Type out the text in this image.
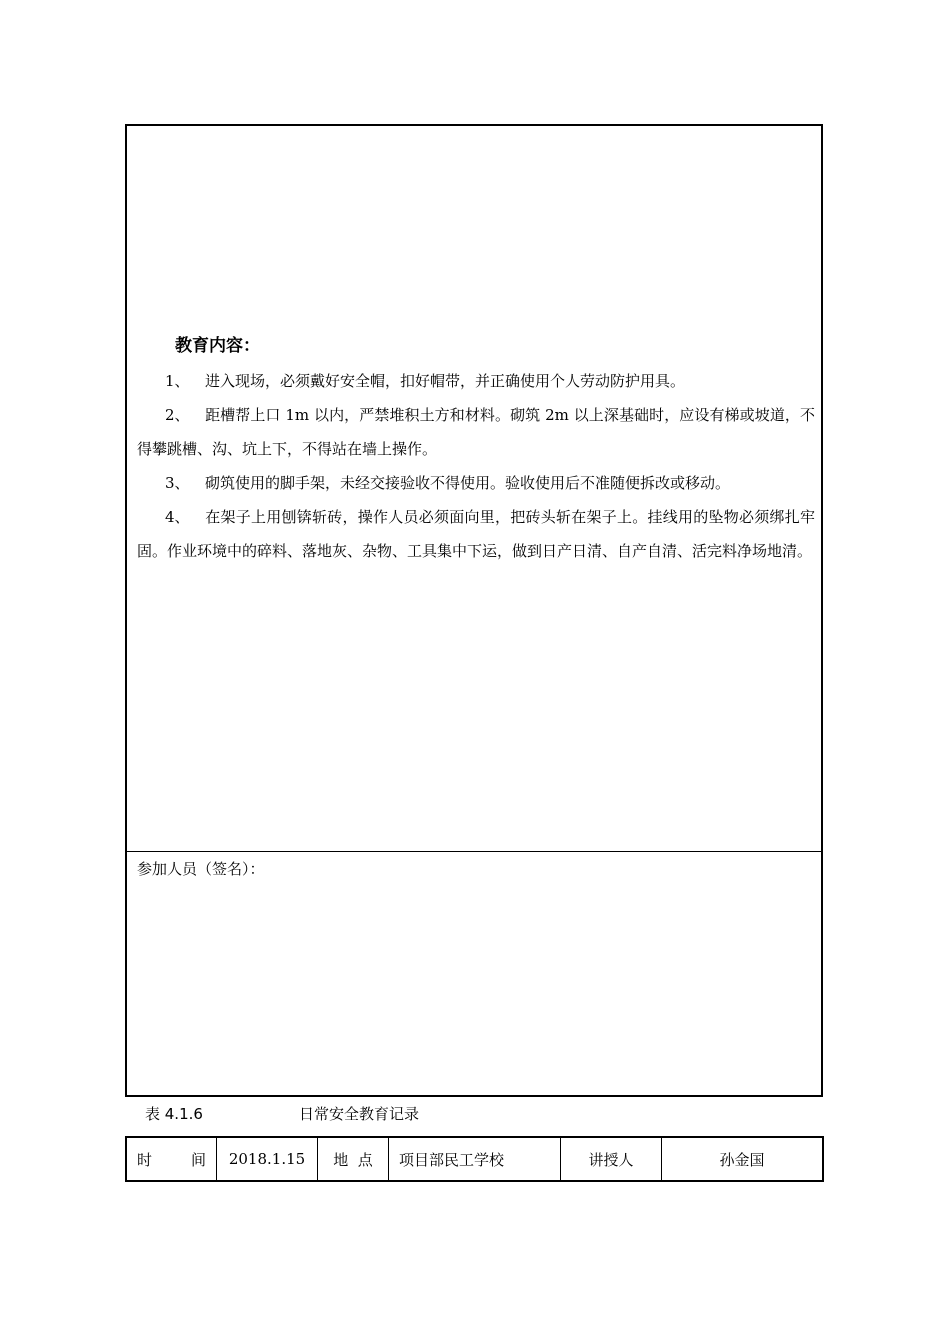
教育内容：

1、 进入现场，必须戴好安全帽，扣好帽带，并正确使用个人劳动防护用具。

2、 距槽帮上口 1m 以内，严禁堆积土方和材料。砌筑 2m 以上深基础时，应设有梯或坡道，不得攀跳槽、沟、坑上下，不得站在墙上操作。

3、 砌筑使用的脚手架，未经交接验收不得使用。验收使用后不准随便拆改或移动。

4、 在架子上用刨锛斩砖，操作人员必须面向里，把砖头斩在架子上。挂线用的坠物必须绑扎牢固。作业环境中的碎料、落地灰、杂物、工具集中下运，做到日产日清、自产自清、活完料净场地清。

参加人员（签名）：
表 4.1.6	日常安全教育记录
时	间 2018.1.15 地  点 项目部民工学校	讲授人	孙金国
